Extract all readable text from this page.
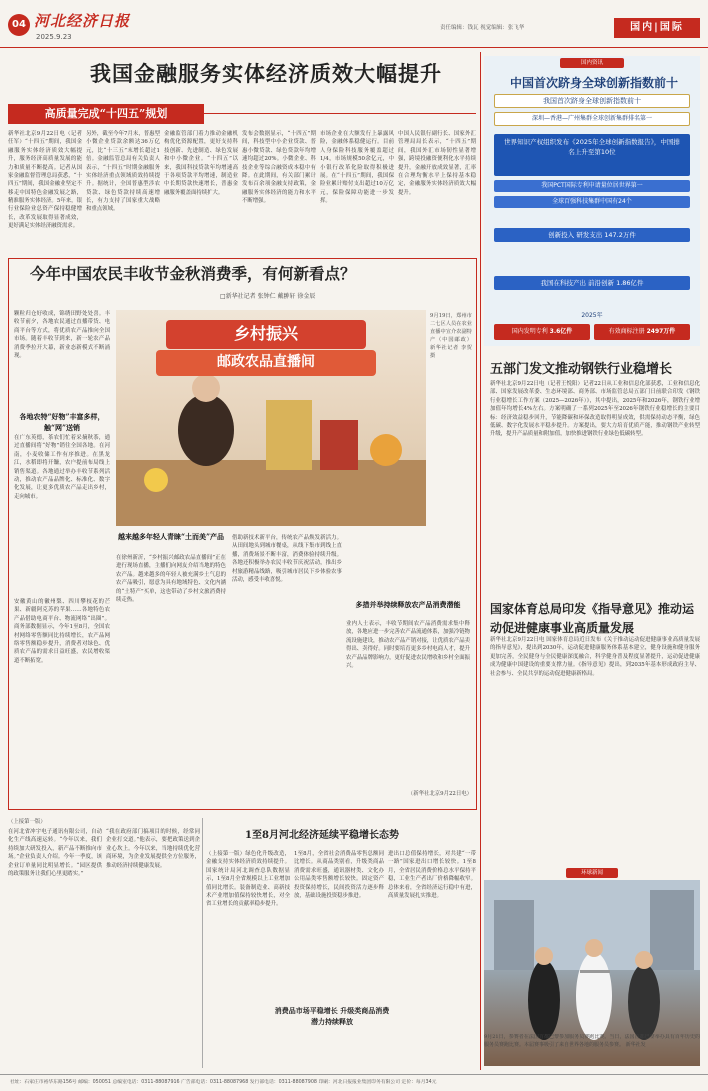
04 河北经济日报
2025.9.23
责任编辑：钱瓦 视觉编辑：张飞华	国内|国际
我国金融服务实体经济质效大幅提升
高质量完成“十四五”规划
新华社北京9月22日电（记者任军）“十四五”期间，我国金融服务实体经济质效大幅提升，服务经济高质量发展的能力和质量不断提高。记者从国家金融监督管理总局获悉，“十四五”期间，我国金融业坚定不移走中国特色金融发展之路，精准服务实体经济。5年来，银行业保险业总资产保持稳健增长，改革发展取得显著成效，更好满足实体经济融资需求。
另外，截至今年7月末，普惠型小微企业贷款余额达36万亿元，比“十三五”末增长超过1倍。金融监管总局有关负责人表示，“十四五”时期金融服务实体经济重点领域质效持续提升。据统计，全国普惠型涉农贷款、绿色贷款持续高速增长，有力支持了国家重大战略和重点领域。
金融监管部门着力推动金融机构优化资源配置，更好支持科技创新、先进制造、绿色发展和中小微企业。“十四五”以来，我国科技贷款年均增速高于各项贷款平均增速，制造业中长期贷款快速增长，普惠金融服务覆盖面持续扩大。
发布会数据显示，“十四五”期间，科技型中小企业贷款、普惠小微贷款、绿色贷款年均增速均超过20%。小微企业、科技企业等综合融资成本稳中有降。在此期间，有关部门累计发布百余项金融支持政策，金融服务实体经济的能力和水平不断增强。
市场企业在大额发行上暴露风险，金融体系稳健运行。目前人身保险科技服务覆盖超过1/4，市场规模50余亿元，中小银行改革化险取得积极进展。在“十四五”期间，我国保险业累计赔付支出超过10万亿元，保险保障功能进一步发挥。
中国人民银行副行长、国家外汇管理局局长表示，“十四五”期间，我国外汇市场韧性显著增强，跨境投融资便利化水平持续提升，金融开放成效显著，汇率在合理均衡水平上保持基本稳定，金融服务实体经济质效大幅提升。
今年中国农民丰收节金秋消费季，有何新看点？
□新华社记者 张钟仁 戴翀轩 徐金辰
颗粒归仓好收成，锦绣田野处处喜。丰收节前夕，各地农民通过直播带货、电商平台等方式，将优质农产品推向全国市场。随着丰收节到来，新一轮农产品消费季拉开大幕，新业态新模式不断涌现。
各地农特“好物”丰富多样，触“网”送销
在广东英德，茶农们忙着采摘秋茶，通过直播间将“好物”销往全国各地。在河南，小麦收储工作有序推进。在黑龙江，水稻即将开镰，农户提前布局线上销售渠道。各地通过举办丰收节系列活动，推动农产品品牌化、标准化、数字化发展，让更多优质农产品走出乡村，走向城市。
安徽黄山的徽州梨、四川攀枝花的芒果、新疆阿克苏的苹果……各地特色农产品借助电商平台、物流网络“出圈”。商务部数据显示，今年1至8月，全国农村网络零售额同比持续增长，农产品网络零售额稳步提升，消费者对绿色、优质农产品的需求日益旺盛，农民增收渠道不断拓宽。
乡村振兴
邮政农品直播间
9月19日，郑州市二七区人员在农业直播中宣介农副特产（中国邮政） 新华社记者 李贺 摄
越来越多年轻人青睐“土而美”产品
在徐州新沂，“乡村振兴邮政农品直播间”正在进行现场直播，主播们向网友介绍当地的特色农产品。越来越多的年轻人被充满乡土气息的农产品吸引，愿意为具有地域特色、文化内涵的“土特产”买单，这也带动了乡村文旅消费持续走热。
借助新技术新平台，传统农产品焕发新活力。从田间地头到城市餐桌，从线下集市到线上直播，消费场景不断丰富，消费体验持续升级。各地还积极举办农民丰收节庆祝活动，推出乡村旅游精品线路，吸引城市居民下乡体验农事活动，感受丰收喜悦。
多措并举持续释放农产品消费潜能
业内人士表示，丰收节期间农产品消费需求集中释放，各地应进一步完善农产品流通体系，加强冷链物流设施建设，推动农产品产销对接，让优质农产品卖得出、卖得好。同时要培育更多乡村电商人才，提升农产品品牌影响力，更好促进农民增收和乡村全面振兴。
（新华社北京9月22日电）
（上接第一版）
在河北省冲宇电子通讯有限公司，自动化生产线高速运转。“今年以来，我们持续加大研发投入，新产品不断推向市场。”企业负责人介绍。今年一季度，该企业订单量同比明显增长。“园区提供的政策服务让我们心里更踏实。”
“我在政府部门搞项目的时候，经常同企业打交道。”他表示，要把政策送到企业心坎上。今年以来，当地持续优化营商环境，为企业发展提供全方位服务，推动经济持续健康发展。
1至8月河北经济延续平稳增长态势
（上接第一版）绿色化升级改造，金融支持实体经济质效持续提升。国家统计局河北调查总队数据显示，1至8月全省规模以上工业增加值同比增长。装备制造业、高新技术产业增加值保持较快增长，对全省工业增长的贡献率稳步提升。
1至8月，全省社会消费品零售总额同比增长。从商品类别看，升级类商品消费需求旺盛，通讯器材类、文化办公用品类零售额增长较快。固定资产投资保持增长，民间投资活力逐步释放，基础设施投资稳步推进。
消费品市场平稳增长 升级类商品消费潜力持续释放
进出口总值保持增长，对共建“一带一路”国家进出口增长较快。1至8月，全省居民消费价格总水平保持平稳，工业生产者出厂价格降幅收窄。总体来看，全省经济运行稳中有进，高质量发展扎实推进。
国内资讯
中国首次跻身全球创新指数前十
我国首次跻身全球创新指数前十
深圳—香港—广州集群全球创新集群排名第一
世界知识产权组织发布《2025年全球创新指数报告》，中国排名上升至第10位
我国PCT国际专利申请量位居世界第一
全球百强科技集群中国有24个
创新投入 研发支出 147.2万件
我国在科技产出 前沿创新 1.86亿件
2025年
国内发明专利 3.6亿件	有效商标注册 2497万件
五部门发文推动钢铁行业稳增长
新华社北京9月22日电（记者王悦阳）记者22日从工业和信息化部获悉，工业和信息化部、国家发展改革委、生态环境部、商务部、市场监管总局五部门日前联合印发《钢铁行业稳增长工作方案（2025—2026年）》，其中提出，2025年和2026年，钢铁行业增加值年均增长4%左右。方案明确了一系列2025年至2026年钢铁行业稳增长的主要目标：经济效益稳步回升，节能降碳和环保改造取得明显成效，供需保持动态平衡，绿色低碳、数字化发展水平稳步提升。方案提出，要大力培育优质产能，推动钢铁产业转型升级，提升产品质量和附加值，加快推进钢铁行业绿色低碳转型。
国家体育总局印发《指导意见》推动运动促进健康事业高质量发展
新华社北京9月22日电 国家体育总局近日发布《关于推动运动促进健康事业高质量发展的指导意见》，提出到2030年，运动促进健康服务体系基本建立，健身设施和健身服务更加完善，全民健身与全民健康深度融合，科学健身普及程度显著提升，运动促进健康成为健康中国建设的重要支撑力量。《指导意见》提出，到2035年基本形成政府主导、社会参与、全民共享的运动促进健康新格局。
环球新闻
9月21日，参赛者在法国首都巴黎参加服务员赛跑比赛。当日，法国首都巴黎举办具有百年历史的服务员赛跑比赛。本届赛事吸引了来自世界各地的服务员参赛。 新华社发
社址：石家庄市裕华东路156号 邮编：050051 总编室电话：0311-88087916 广告部电话：0311-88087968 发行部电话：0311-88087908 印刷：河北日报报业集团印务有限公司 定价：每月34元
